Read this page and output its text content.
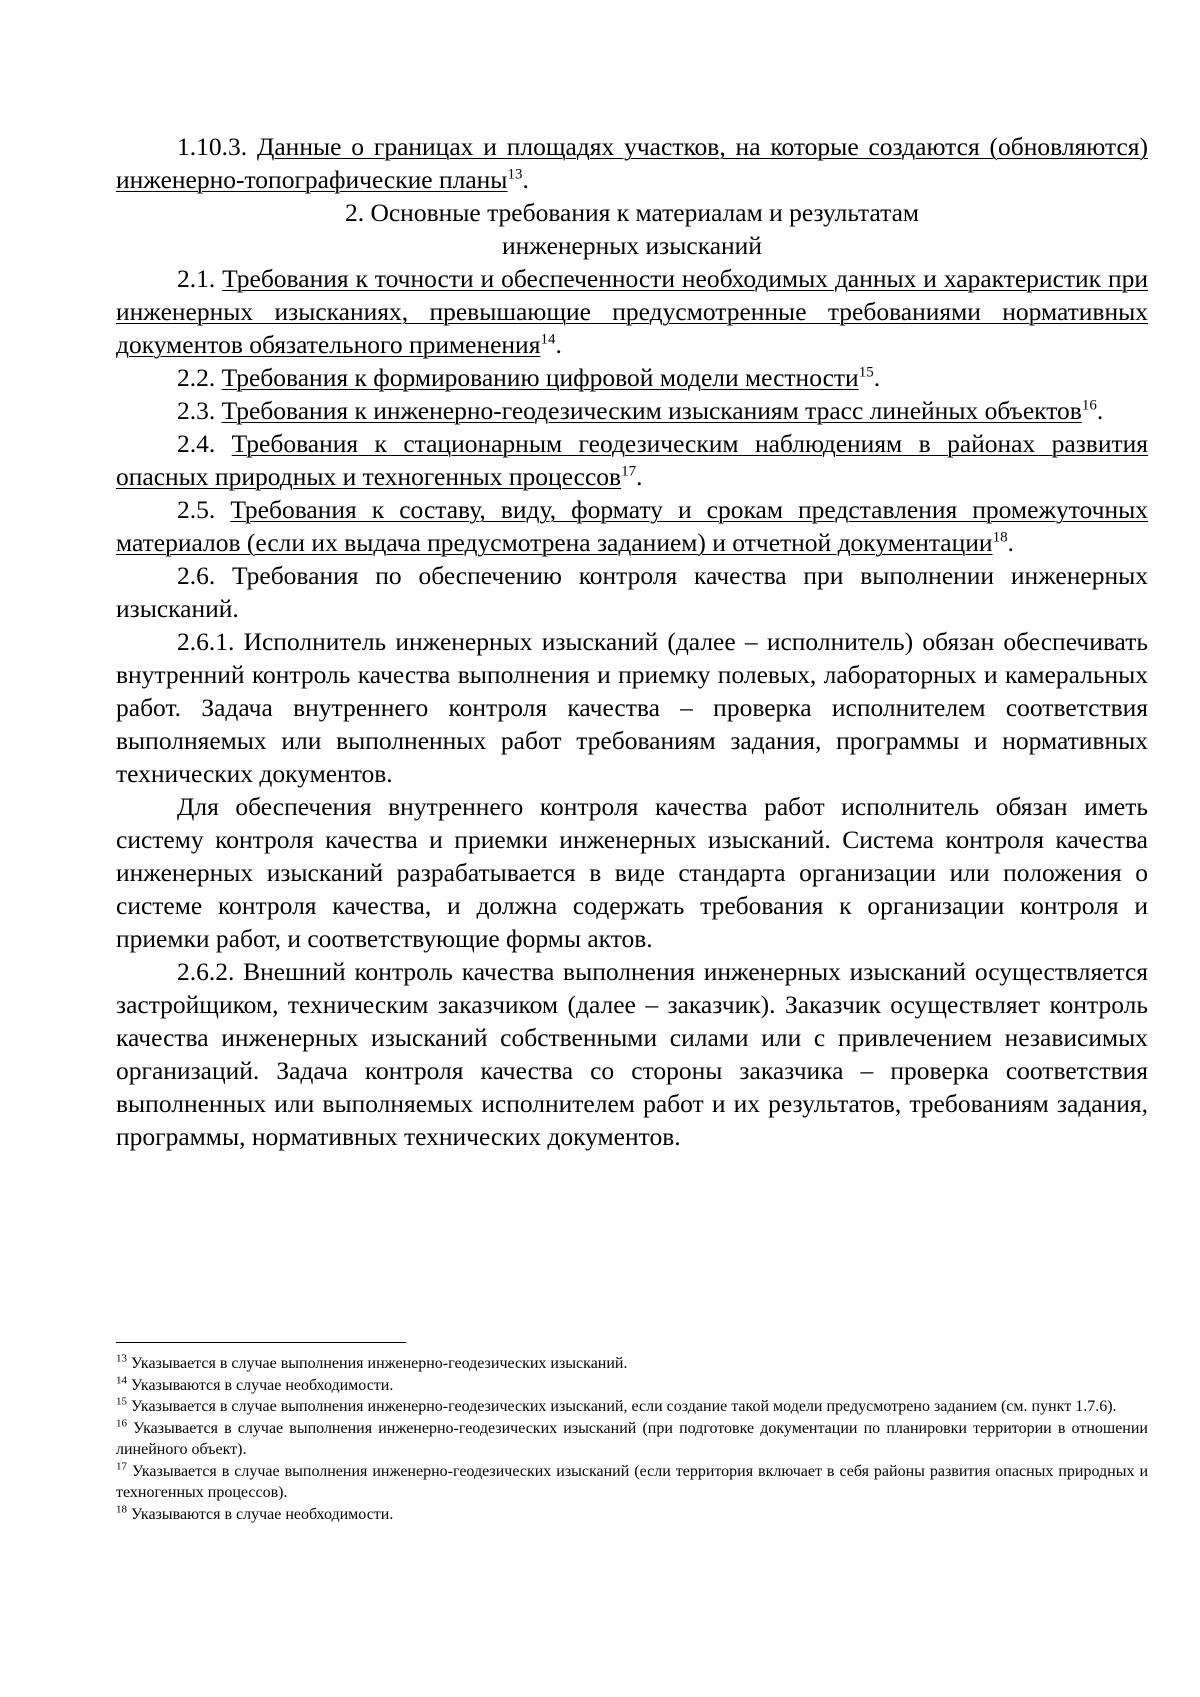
1.10.3. Данные о границах и площадях участков, на которые создаются (обновляются) инженерно-топографические планы$^{13}$.

2. Основные требования к материалам и результатам
инженерных изысканий

2.1. Требования к точности и обеспеченности необходимых данных и характеристик при инженерных изысканиях, превышающие предусмотренные требованиями нормативных документов обязательного применения$^{14}$.

2.2. Требования к формированию цифровой модели местности$^{15}$.

2.3. Требования к инженерно-геодезическим изысканиям трасс линейных объектов$^{16}$.

2.4. Требования к стационарным геодезическим наблюдениям в районах развития опасных природных и техногенных процессов$^{17}$.

2.5. Требования к составу, виду, формату и срокам представления промежуточных материалов (если их выдача предусмотрена заданием) и отчетной документации$^{18}$.

2.6. Требования по обеспечению контроля качества при выполнении инженерных изысканий.

2.6.1. Исполнитель инженерных изысканий (далее – исполнитель) обязан обеспечивать внутренний контроль качества выполнения и приемку полевых, лабораторных и камеральных работ. Задача внутреннего контроля качества – проверка исполнителем соответствия выполняемых или выполненных работ требованиям задания, программы и нормативных технических документов.

Для обеспечения внутреннего контроля качества работ исполнитель обязан иметь систему контроля качества и приемки инженерных изысканий. Система контроля качества инженерных изысканий разрабатывается в виде стандарта организации или положения о системе контроля качества, и должна содержать требования к организации контроля и приемки работ, и соответствующие формы актов.

2.6.2. Внешний контроль качества выполнения инженерных изысканий осуществляется застройщиком, техническим заказчиком (далее – заказчик). Заказчик осуществляет контроль качества инженерных изысканий собственными силами или с привлечением независимых организаций. Задача контроля качества со стороны заказчика – проверка соответствия выполненных или выполняемых исполнителем работ и их результатов, требованиям задания, программы, нормативных технических документов.

$^{13}$ Указывается в случае выполнения инженерно-геодезических изысканий.

$^{14}$ Указываются в случае необходимости.

$^{15}$ Указывается в случае выполнения инженерно-геодезических изысканий, если создание такой модели предусмотрено заданием (см. пункт 1.7.6).

$^{16}$ Указывается в случае выполнения инженерно-геодезических изысканий (при подготовке документации по планировки территории в отношении линейного объект).

$^{17}$ Указывается в случае выполнения инженерно-геодезических изысканий (если территория включает в себя районы развития опасных природных и техногенных процессов).

$^{18}$ Указываются в случае необходимости.
